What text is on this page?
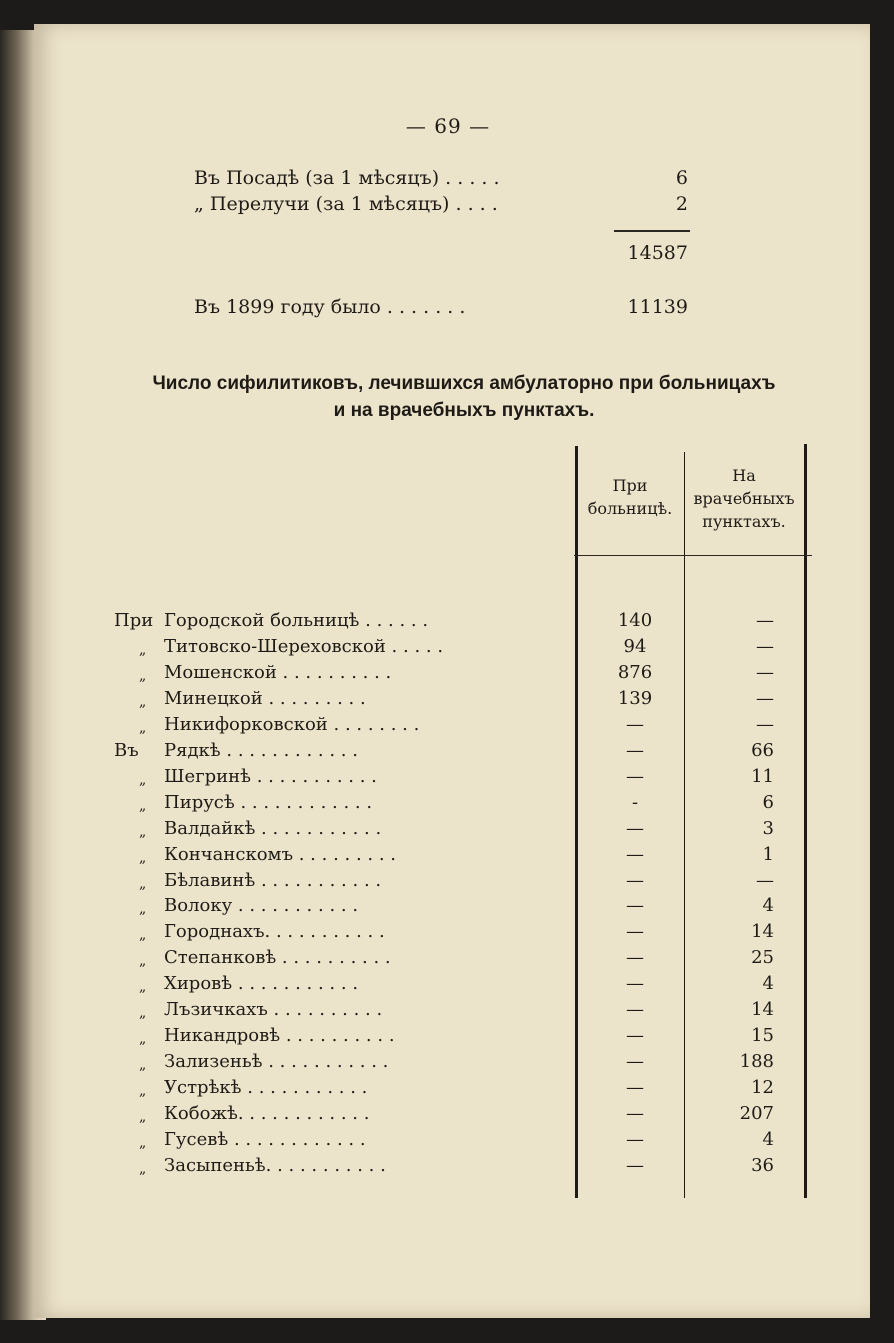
— 69 —
Въ Посадѣ (за 1 мѣсяцъ) . . . . .	6
„ Перелучи (за 1 мѣсяцъ) . . . .	2
14587
Въ 1899 году было . . . . . . .	11139
Число сифилитиковъ, лечившихся амбулаторно при больницахъ
и на врачебныхъ пунктахъ.
При
больницѣ.
На
врачебныхъ
пунктахъ.
При Городской больницѣ . . . . . .	140	—
„ Титовско-Шереховской . . . . .	94	—
„ Мошенской . . . . . . . . . .	876	—
„ Минецкой . . . . . . . . .	139	—
„ Никифорковской . . . . . . . .	—	—
Въ Рядкѣ . . . . . . . . . . . .	—	66
„ Шегринѣ . . . . . . . . . . .	—	11
„ Пирусѣ . . . . . . . . . . . .	-	6
„ Валдайкѣ . . . . . . . . . . .	—	3
„ Кончанскомъ . . . . . . . . .	—	1
„ Бѣлавинѣ . . . . . . . . . . .	—	—
„ Волоку . . . . . . . . . . .	—	4
„ Городнахъ. . . . . . . . . . .	—	14
„ Степанковѣ . . . . . . . . . .	—	25
„ Хировѣ . . . . . . . . . . .	—	4
„ Лъзичкахъ . . . . . . . . . .	—	14
„ Никандровѣ . . . . . . . . . .	—	15
„ Зализеньѣ . . . . . . . . . . .	—	188
„ Устрѣкѣ . . . . . . . . . . .	—	12
„ Кобожѣ. . . . . . . . . . . .	—	207
„ Гусевѣ . . . . . . . . . . . .	—	4
„ Засыпеньѣ. . . . . . . . . . .	—	36
